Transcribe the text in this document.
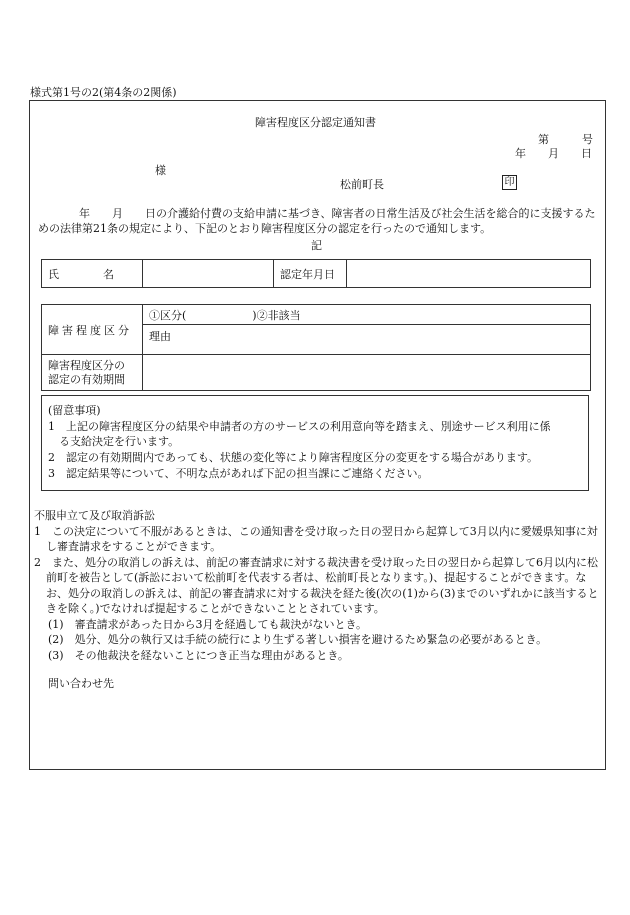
様式第1号の2(第4条の2関係)
障害程度区分認定通知書
第　　　号
年　　月　　日
様
松前町長	印
　年　　月　　日の介護給付費の支給申請に基づき、障害者の日常生活及び社会生活を総合的に支援するための法律第21条の規定により、下記のとおり障害程度区分の認定を行ったので通知します。
記
氏　　　　名		認定年月日	
障害程度区分	①区分(　　　　　　)②非該当
	理由

障害程度区分の
認定の有効期間	

(留意事項)
1　上記の障害程度区分の結果や申請者の方のサービスの利用意向等を踏まえ、別途サービス利用に係
　る支給決定を行います。
2　認定の有効期間内であっても、状態の変化等により障害程度区分の変更をする場合があります。
3　認定結果等について、不明な点があれば下記の担当課にご連絡ください。
不服申立て及び取消訴訟
1　この決定について不服があるときは、この通知書を受け取った日の翌日から起算して3月以内に愛媛県知事に対し審査請求をすることができます。
2　また、処分の取消しの訴えは、前記の審査請求に対する裁決書を受け取った日の翌日から起算して6月以内に松前町を被告として(訴訟において松前町を代表する者は、松前町長となります。)、提起することができます。なお、処分の取消しの訴えは、前記の審査請求に対する裁決を経た後(次の(1)から(3)までのいずれかに該当するときを除く。)でなければ提起することができないこととされています。
(1)　審査請求があった日から3月を経過しても裁決がないとき。
(2)　処分、処分の執行又は手続の続行により生ずる著しい損害を避けるため緊急の必要があるとき。
(3)　その他裁決を経ないことにつき正当な理由があるとき。
問い合わせ先
